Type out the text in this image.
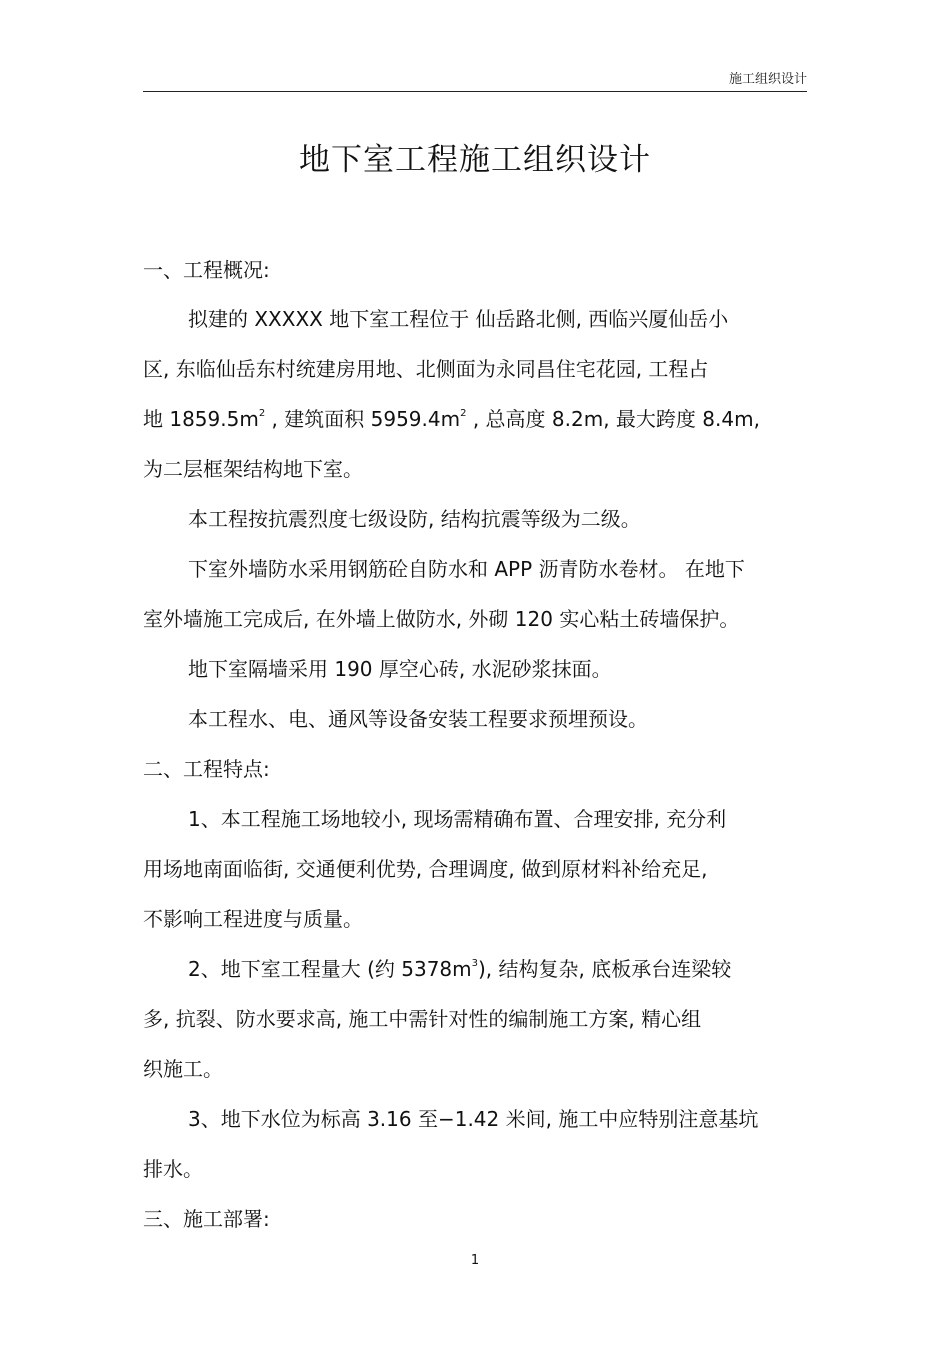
施工组织设计
地下室工程施工组织设计
一、工程概况:
拟建的 XXXXX 地下室工程位于 仙岳路北侧, 西临兴厦仙岳小
区, 东临仙岳东村统建房用地、北侧面为永同昌住宅花园, 工程占
地 $1859.5m^2$ , 建筑面积 $5959.4m^2$ , 总高度 8.2m, 最大跨度 8.4m,
为二层框架结构地下室。
本工程按抗震烈度七级设防, 结构抗震等级为二级。
下室外墙防水采用钢筋砼自防水和 APP 沥青防水卷材。 在地下
室外墙施工完成后, 在外墙上做防水, 外砌 120 实心粘土砖墙保护。
地下室隔墙采用 190 厚空心砖, 水泥砂浆抹面。
本工程水、电、通风等设备安装工程要求预埋预设。
二、工程特点:
1、本工程施工场地较小, 现场需精确布置、合理安排, 充分利
用场地南面临街, 交通便利优势, 合理调度, 做到原材料补给充足,
不影响工程进度与质量。
2、地下室工程量大 (约 $5378m^3$), 结构复杂, 底板承台连梁较
多, 抗裂、防水要求高, 施工中需针对性的编制施工方案, 精心组
织施工。
3、地下水位为标高 3.16 至−1.42 米间, 施工中应特别注意基坑
排水。
三、施工部署:
1
